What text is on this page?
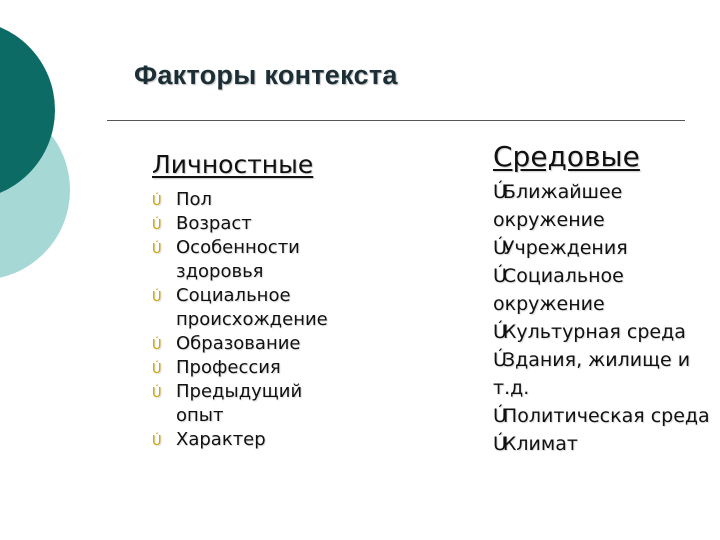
Факторы контекста
Личностные
Ú Пол
Ú Возраст
Ú Особенности здоровья
Ú Социальное происхождение
Ú Образование
Ú Профессия
Ú Предыдущий опыт
Ú Характер
Средовые
Ú Ближайшее окружение
Ú Учреждения
Ú Социальное окружение
Ú Культурная среда
Ú Здания, жилище и т.д.
Ú Политическая среда
Ú Климат
